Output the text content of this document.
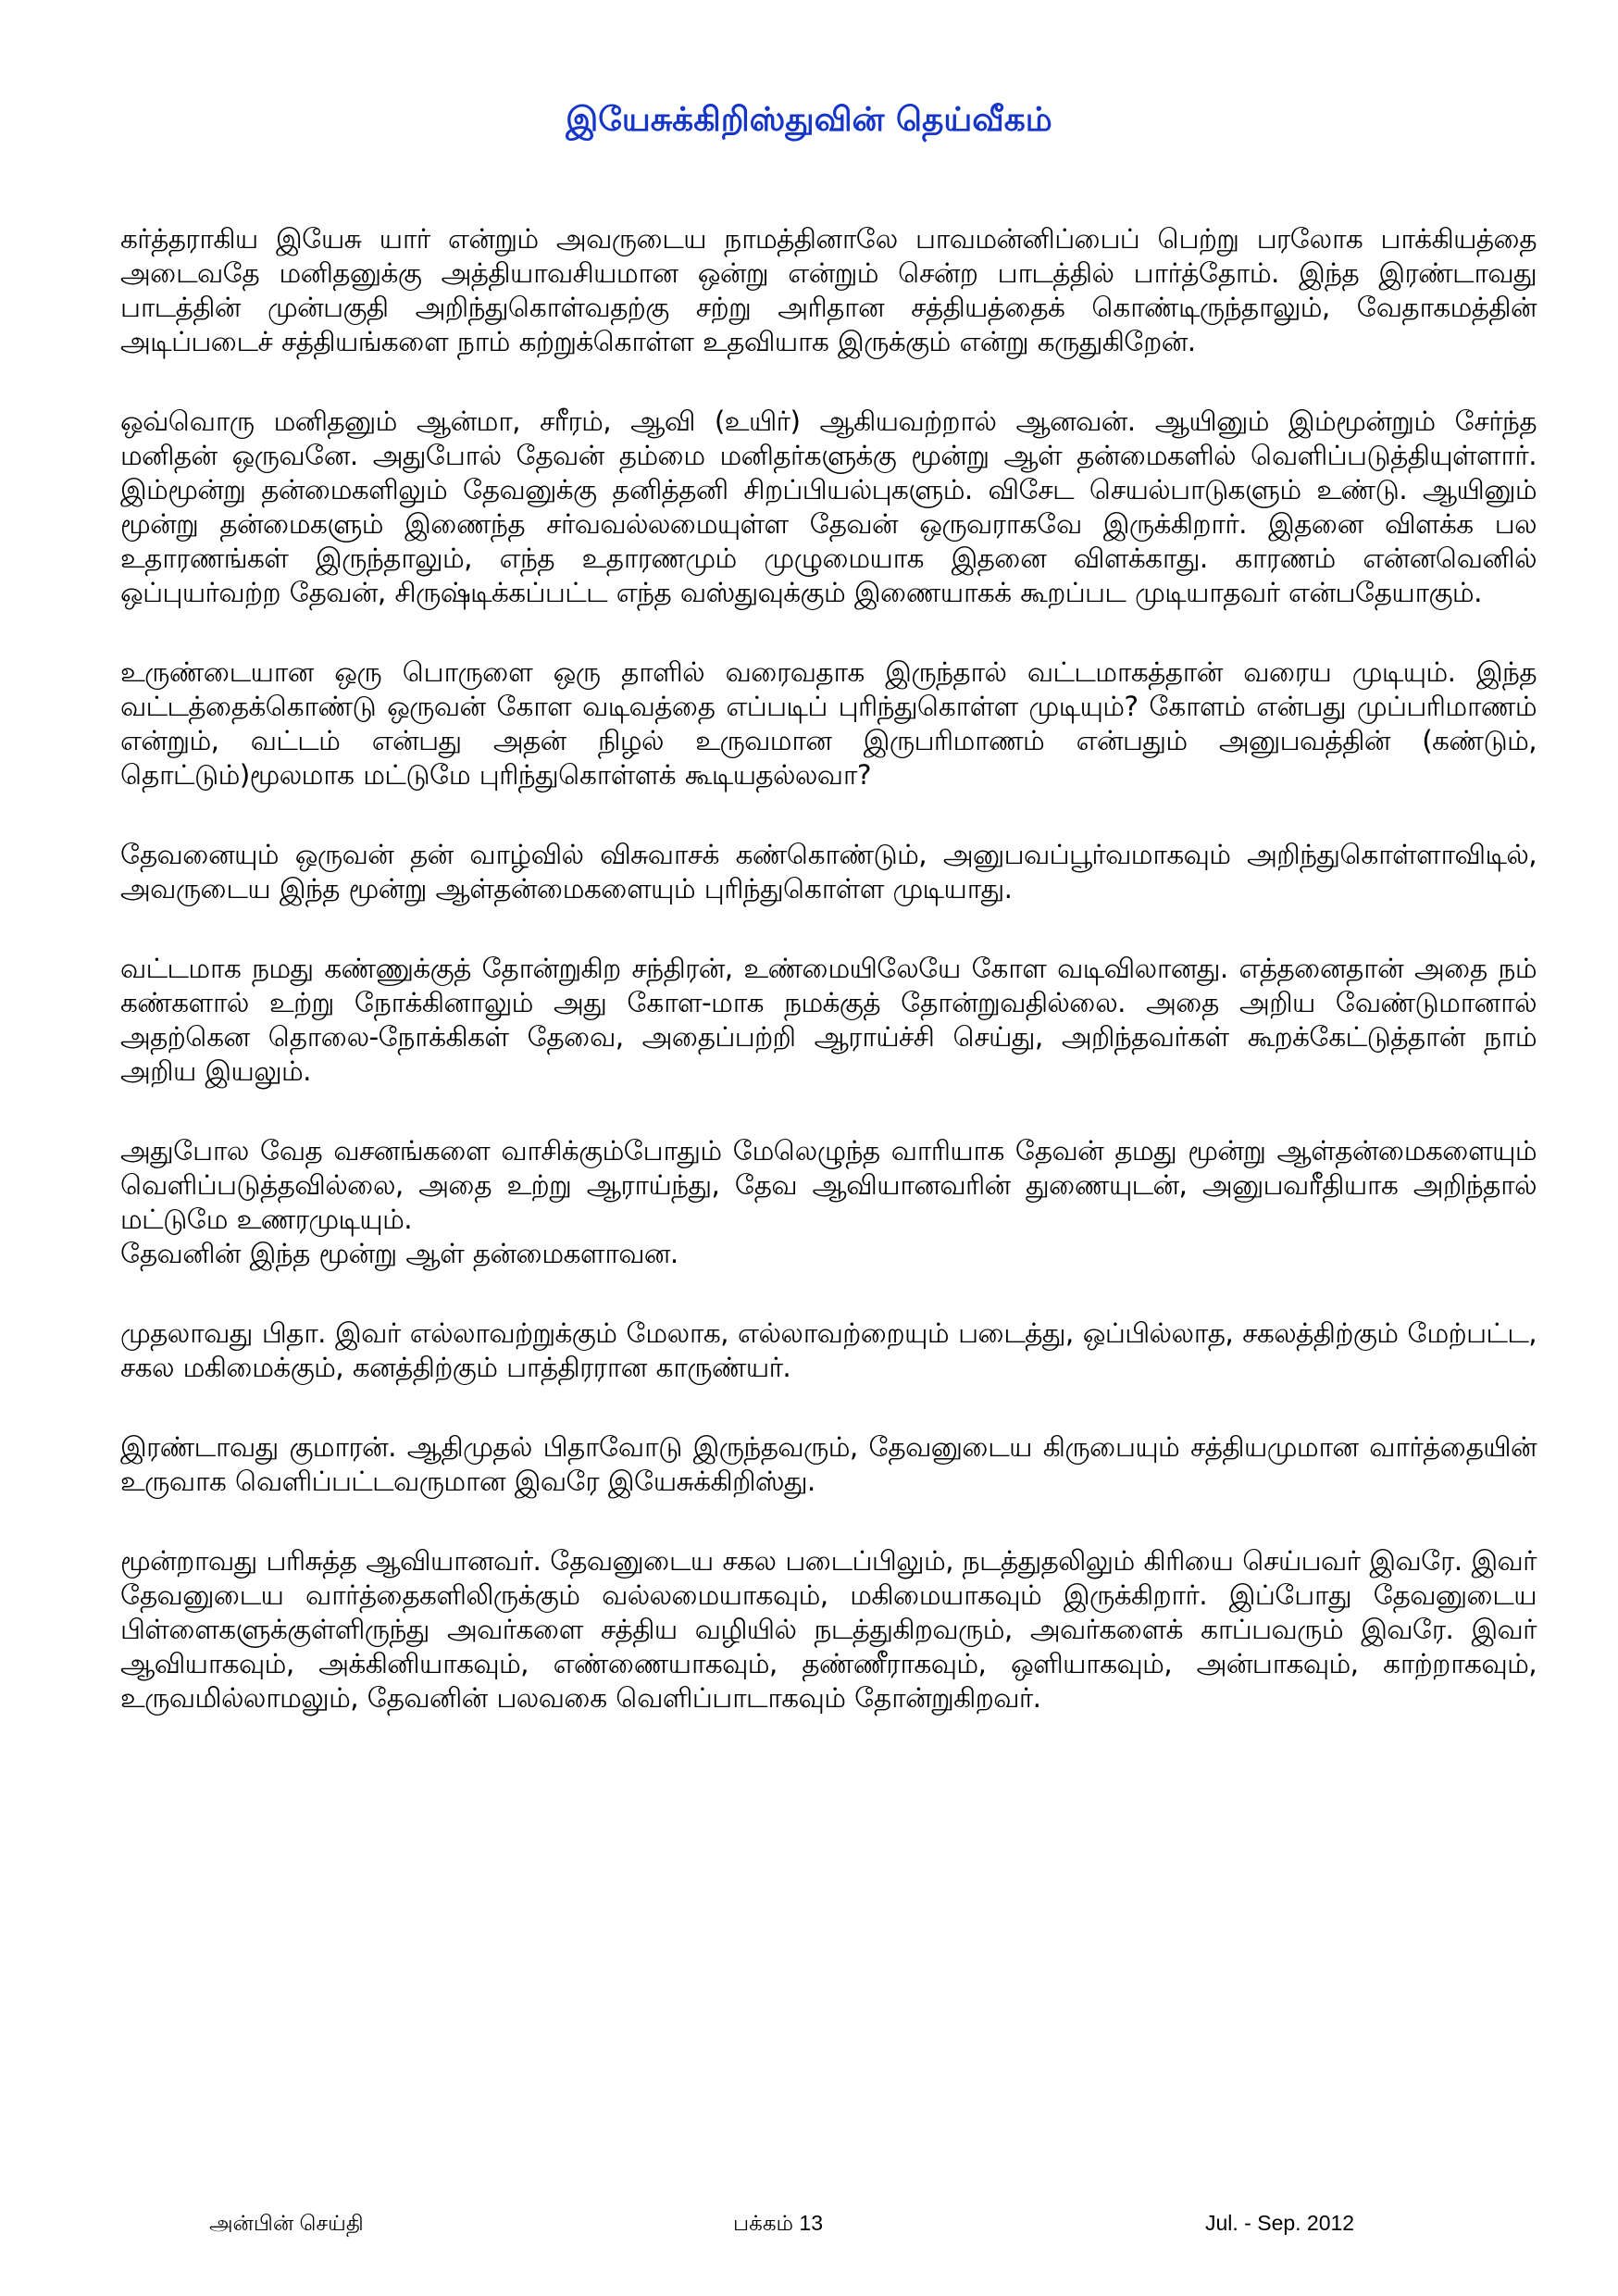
இயேசுக்கிறிஸ்துவின் தெய்வீகம்

கர்த்தராகிய இயேசு யார் என்றும் அவருடைய நாமத்தினாலே பாவமன்னிப்பைப் பெற்று பரலோக பாக்கியத்தை அடைவதே மனிதனுக்கு அத்தியாவசியமான ஒன்று என்றும் சென்ற பாடத்தில் பார்த்தோம். இந்த இரண்டாவது பாடத்தின் முன்பகுதி அறிந்துகொள்வதற்கு சற்று அரிதான சத்தியத்தைக் கொண்டிருந்தாலும், வேதாகமத்தின் அடிப்படைச் சத்தியங்களை நாம் கற்றுக்கொள்ள உதவியாக இருக்கும் என்று கருதுகிறேன்.

ஒவ்வொரு மனிதனும் ஆன்மா, சரீரம், ஆவி (உயிர்) ஆகியவற்றால் ஆனவன். ஆயினும் இம்மூன்றும் சேர்ந்த மனிதன் ஒருவனே. அதுபோல் தேவன் தம்மை மனிதர்களுக்கு மூன்று ஆள் தன்மைகளில் வெளிப்படுத்தியுள்ளார். இம்மூன்று தன்மைகளிலும் தேவனுக்கு தனித்தனி சிறப்பியல்புகளும். விசேட செயல்பாடுகளும் உண்டு. ஆயினும் மூன்று தன்மைகளும் இணைந்த சர்வவல்லமையுள்ள தேவன் ஒருவராகவே இருக்கிறார். இதனை விளக்க பல உதாரணங்கள் இருந்தாலும், எந்த உதாரணமும் முழுமையாக இதனை விளக்காது. காரணம் என்னவெனில் ஒப்புயர்வற்ற தேவன், சிருஷ்டிக்கப்பட்ட எந்த வஸ்துவுக்கும் இணையாகக் கூறப்பட முடியாதவர் என்பதேயாகும்.

உருண்டையான ஒரு பொருளை ஒரு தாளில் வரைவதாக இருந்தால் வட்டமாகத்தான் வரைய முடியும். இந்த வட்டத்தைக்கொண்டு ஒருவன் கோள வடிவத்தை எப்படிப் புரிந்துகொள்ள முடியும்? கோளம் என்பது முப்பரிமாணம் என்றும், வட்டம் என்பது அதன் நிழல் உருவமான இருபரிமாணம் என்பதும் அனுபவத்தின் (கண்டும், தொட்டும்)மூலமாக மட்டுமே புரிந்துகொள்ளக் கூடியதல்லவா?

தேவனையும் ஒருவன் தன் வாழ்வில் விசுவாசக் கண்கொண்டும், அனுபவப்பூர்வமாகவும் அறிந்துகொள்ளாவிடில், அவருடைய இந்த மூன்று ஆள்தன்மைகளையும் புரிந்துகொள்ள முடியாது.

வட்டமாக நமது கண்ணுக்குத் தோன்றுகிற சந்திரன், உண்மையிலேயே கோள வடிவிலானது. எத்தனைதான் அதை நம் கண்களால் உற்று நோக்கினாலும் அது கோள-மாக நமக்குத் தோன்றுவதில்லை. அதை அறிய வேண்டுமானால் அதற்கென தொலை-நோக்கிகள் தேவை, அதைப்பற்றி ஆராய்ச்சி செய்து, அறிந்தவர்கள் கூறக்கேட்டுத்தான் நாம் அறிய இயலும்.

அதுபோல வேத வசனங்களை வாசிக்கும்போதும் மேலெழுந்த வாரியாக தேவன் தமது மூன்று ஆள்தன்மைகளையும் வெளிப்படுத்தவில்லை, அதை உற்று ஆராய்ந்து, தேவ ஆவியானவரின் துணையுடன், அனுபவரீதியாக அறிந்தால் மட்டுமே உணரமுடியும்.

தேவனின் இந்த மூன்று ஆள் தன்மைகளாவன.

முதலாவது பிதா. இவர் எல்லாவற்றுக்கும் மேலாக, எல்லாவற்றையும் படைத்து, ஒப்பில்லாத, சகலத்திற்கும் மேற்பட்ட, சகல மகிமைக்கும், கனத்திற்கும் பாத்திரரான காருண்யர்.

இரண்டாவது குமாரன். ஆதிமுதல் பிதாவோடு இருந்தவரும், தேவனுடைய கிருபையும் சத்தியமுமான வார்த்தையின் உருவாக வெளிப்பட்டவருமான இவரே இயேசுக்கிறிஸ்து.

மூன்றாவது பரிசுத்த ஆவியானவர். தேவனுடைய சகல படைப்பிலும், நடத்துதலிலும் கிரியை செய்பவர் இவரே. இவர் தேவனுடைய வார்த்தைகளிலிருக்கும் வல்லமையாகவும், மகிமையாகவும் இருக்கிறார். இப்போது தேவனுடைய பிள்ளைகளுக்குள்ளிருந்து அவர்களை சத்திய வழியில் நடத்துகிறவரும், அவர்களைக் காப்பவரும் இவரே. இவர் ஆவியாகவும், அக்கினியாகவும், எண்ணையாகவும், தண்ணீராகவும், ஒளியாகவும், அன்பாகவும், காற்றாகவும், உருவமில்லாமலும், தேவனின் பலவகை வெளிப்பாடாகவும் தோன்றுகிறவர்.

அன்பின் செய்தி	பக்கம் 13	Jul. - Sep. 2012
